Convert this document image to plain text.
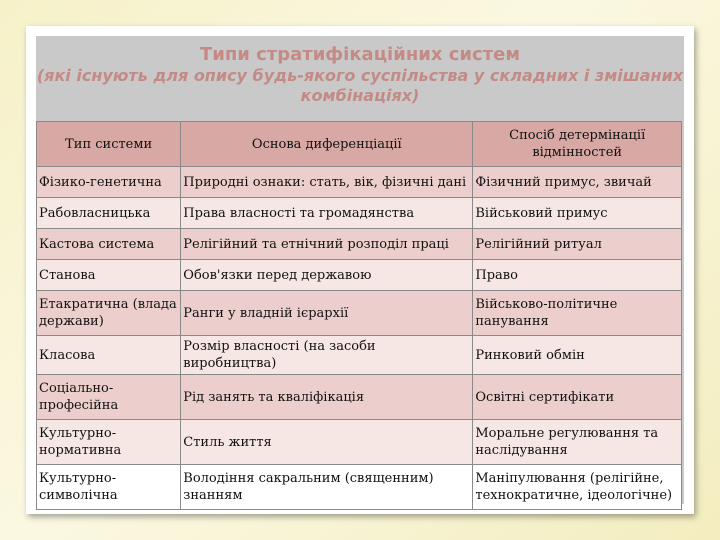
Типи стратифікаційних систем
(які існують для опису будь-якого суспільства у складних і змішаних комбінаціях)
Тип системи	Основа диференціації	Спосіб детермінації відмінностей
Фізико-генетична	Природні ознаки: стать, вік, фізичні дані	Фізичний примус, звичай
Рабовласницька	Права власності та громадянства	Військовий примус
Кастова система	Релігійний та етнічний розподіл праці	Релігійний ритуал
Станова	Обов'язки перед державою	Право
Етакратична (влада держави)	Ранги у владній ієрархії	Військово-політичне панування
Класова	Розмір власності (на засоби виробництва)	Ринковий обмін
Соціально-професійна	Рід занять та кваліфікація	Освітні сертифікати
Культурно-нормативна	Стиль життя	Моральне регулювання та наслідування
Культурно-символічна	Володіння сакральним (священним) знанням	Маніпулювання (релігійне, технократичне, ідеологічне)
